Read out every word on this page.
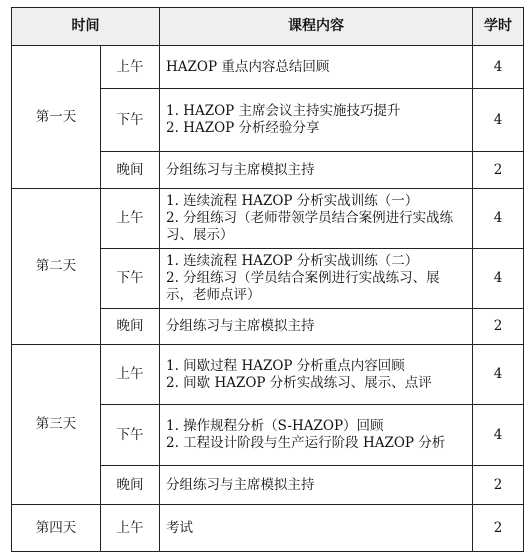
时间		课程内容	学时
第一天	上午	HAZOP 重点内容总结回顾	4
	下午	1. HAZOP 主席会议主持实施技巧提升
2. HAZOP 分析经验分享	4
	晚间	分组练习与主席模拟主持	2
第二天	上午	1. 连续流程 HAZOP 分析实战训练（一）
2. 分组练习（老师带领学员结合案例进行实战练习、展示）	4
	下午	1. 连续流程 HAZOP 分析实战训练（二）
2. 分组练习（学员结合案例进行实战练习、展示，老师点评）	4
	晚间	分组练习与主席模拟主持	2
第三天	上午	1. 间歇过程 HAZOP 分析重点内容回顾
2. 间歇 HAZOP 分析实战练习、展示、点评	4
	下午	1. 操作规程分析（S-HAZOP）回顾
2. 工程设计阶段与生产运行阶段 HAZOP 分析	4
	晚间	分组练习与主席模拟主持	2
第四天	上午	考试	2
